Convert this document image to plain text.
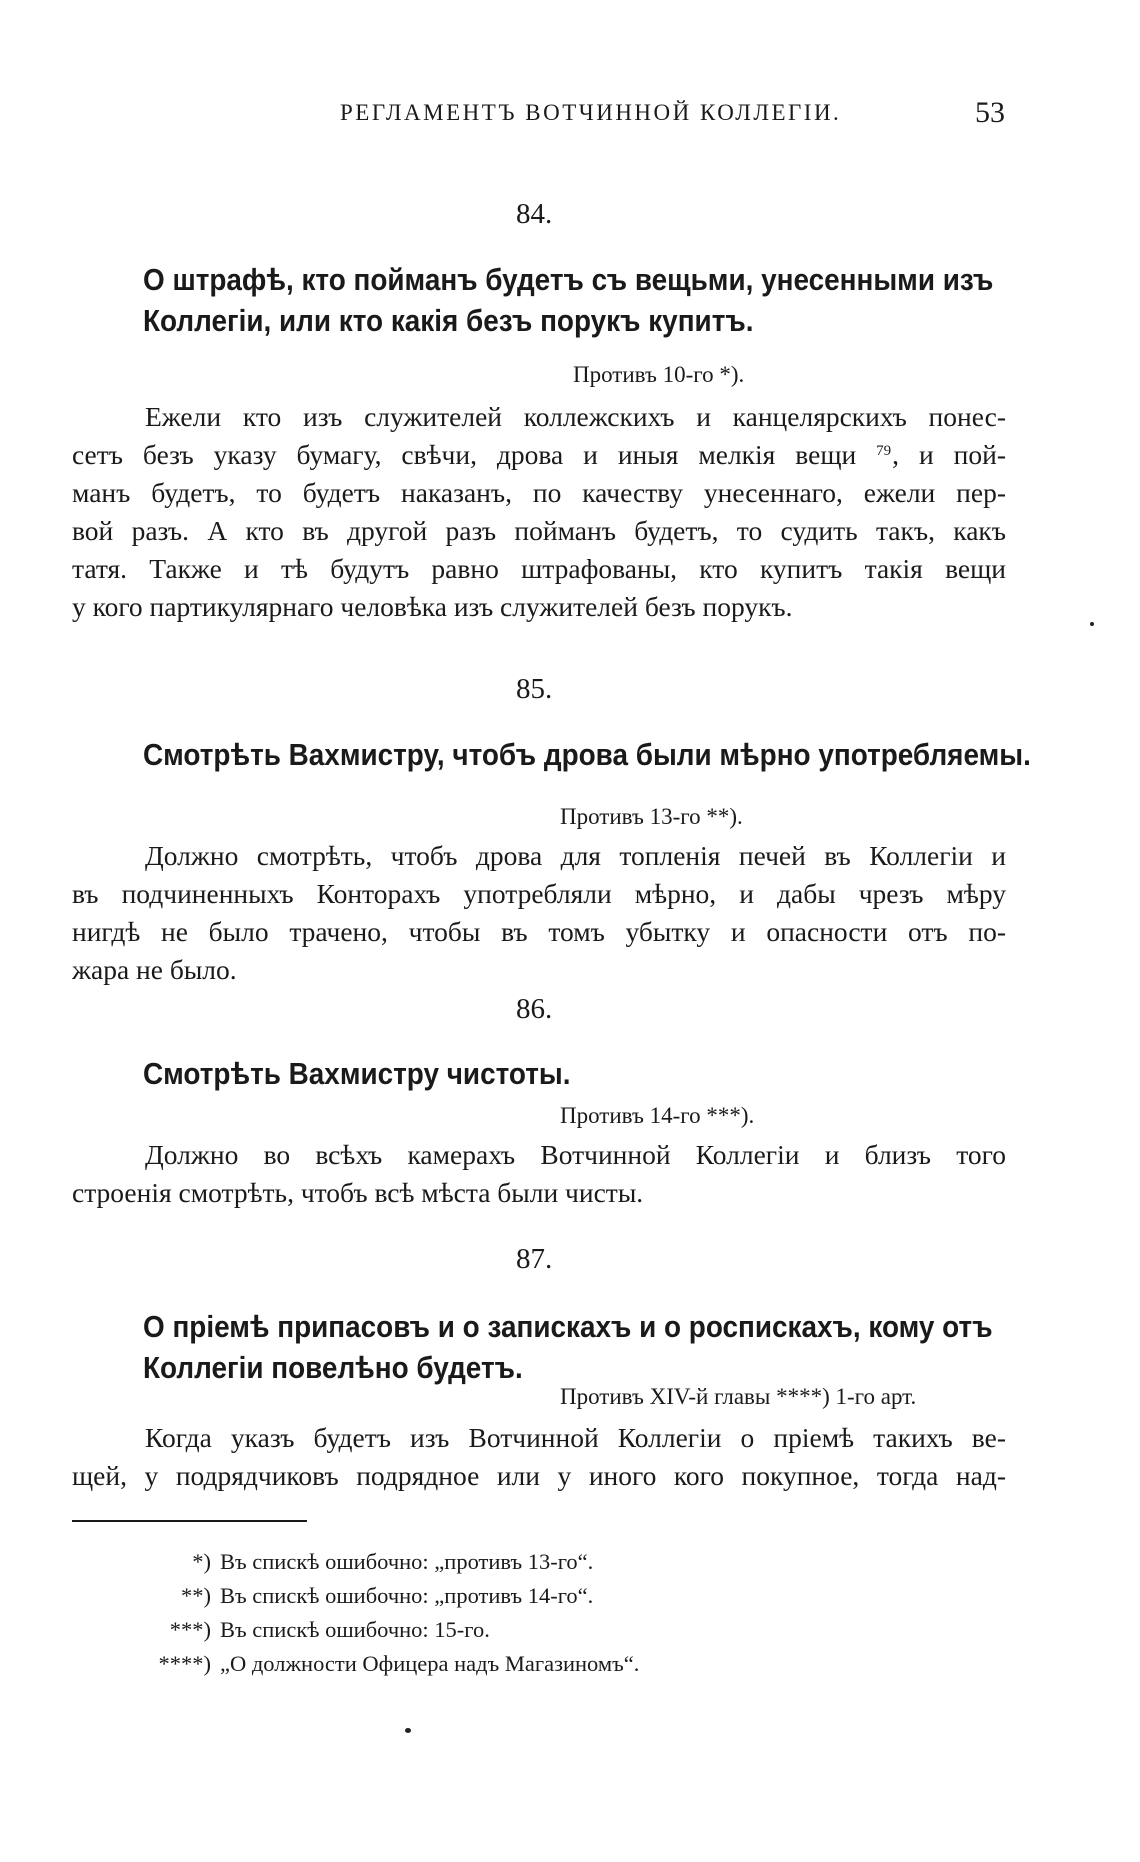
РЕГЛАМЕНТЪ ВОТЧИННОЙ КОЛЛЕГІИ.	53
84.
О штрафѣ, кто пойманъ будетъ съ вещьми, унесенными изъ
Коллегіи, или кто какія безъ порукъ купитъ.
Противъ 10-го *).
Ежели кто изъ служителей коллежскихъ и канцелярскихъ понес-
сетъ безъ указу бумагу, свѣчи, дрова и иныя мелкія вещи $^{79}$, и пой-
манъ будетъ, то будетъ наказанъ, по качеству унесеннаго, ежели пер-
вой разъ. А кто въ другой разъ пойманъ будетъ, то судить такъ, какъ
татя. Также и тѣ будутъ равно штрафованы, кто купитъ такія вещи
у кого партикулярнаго человѣка изъ служителей безъ порукъ.
85.
Смотрѣть Вахмистру, чтобъ дрова были мѣрно употребляемы.
Противъ 13-го **).
Должно смотрѣть, чтобъ дрова для топленія печей въ Коллегіи и
въ подчиненныхъ Конторахъ употребляли мѣрно, и дабы чрезъ мѣру
нигдѣ не было трачено, чтобы въ томъ убытку и опасности отъ по-
жара не было.
86.
Смотрѣть Вахмистру чистоты.
Противъ 14-го ***).
Должно во всѣхъ камерахъ Вотчинной Коллегіи и близъ того
строенія смотрѣть, чтобъ всѣ мѣста были чисты.
87.
О пріемѣ припасовъ и о запискахъ и о роспискахъ, кому отъ
Коллегіи повелѣно будетъ.
Противъ XIV-й главы ****) 1-го арт.
Когда указъ будетъ изъ Вотчинной Коллегіи о пріемѣ такихъ ве-
щей, у подрядчиковъ подрядное или у иного кого покупное, тогда над-
*) Въ спискѣ ошибочно: „противъ 13-го“.
**) Въ спискѣ ошибочно: „противъ 14-го“.
***) Въ спискѣ ошибочно: 15-го.
****) „О должности Офицера надъ Магазиномъ“.
